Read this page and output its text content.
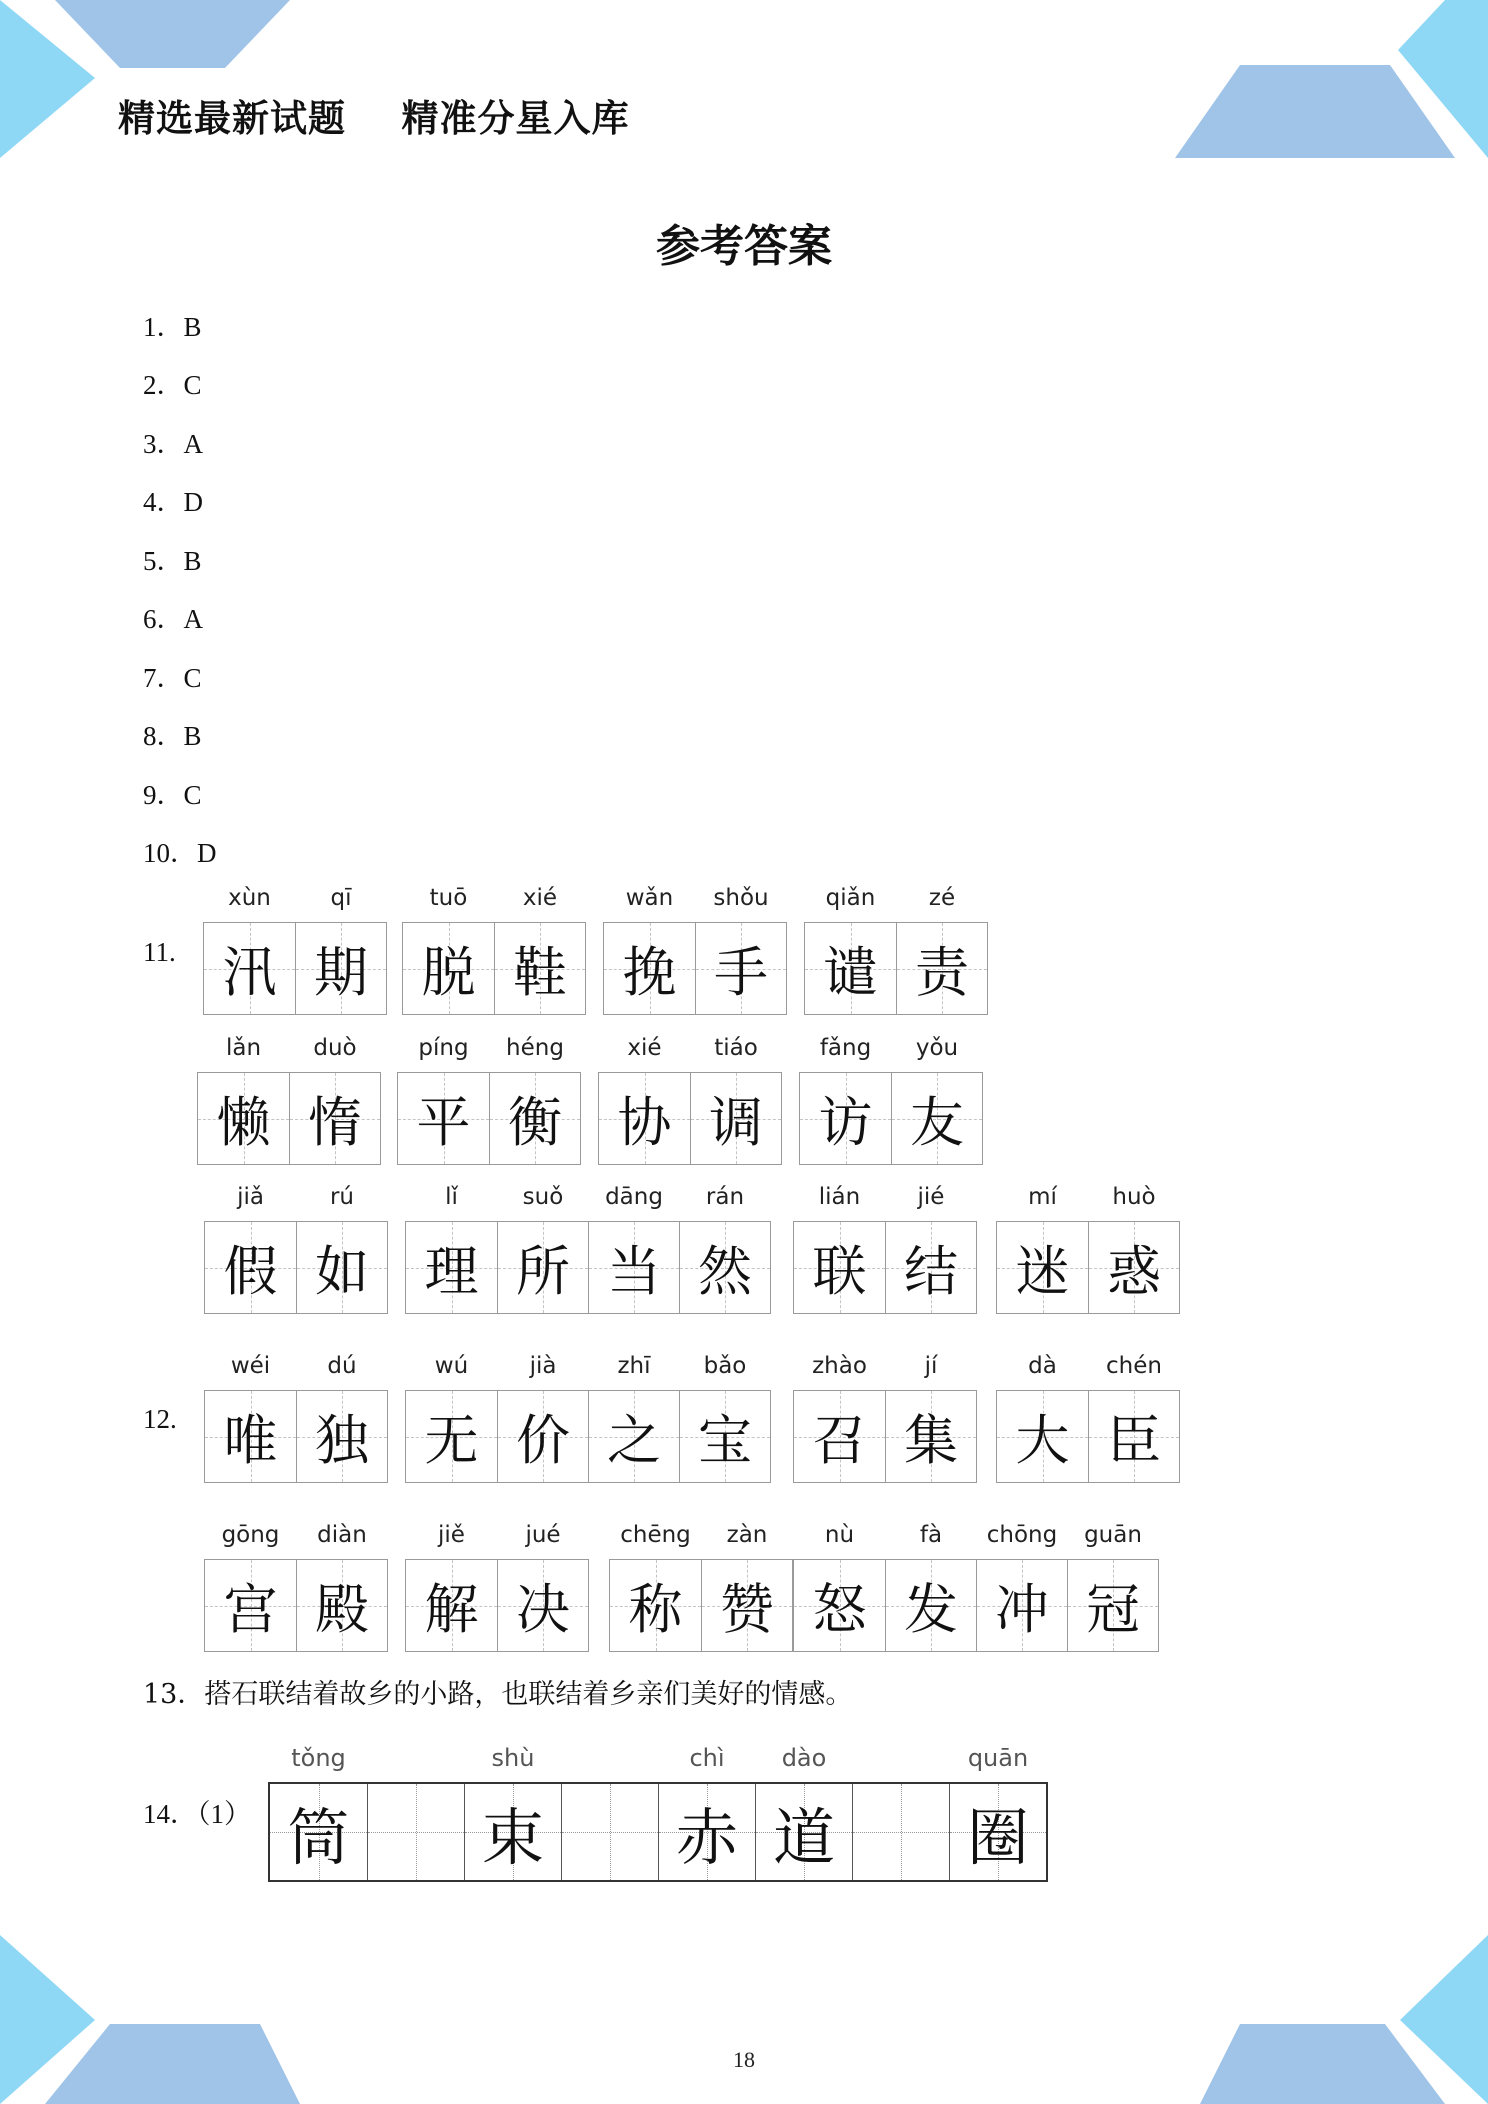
精选最新试题    精准分星入库
参考答案
1．B
2．C
3．A
4．D
5．B
6．A
7．C
8．B
9．C
10．D
11.
12.
xùn
汛
qī
期
tuō
脱
xié
鞋
wǎn
挽
shǒu
手
qiǎn
谴
zé
责
lǎn
懒
duò
惰
píng
平
héng
衡
xié
协
tiáo
调
fǎng
访
yǒu
友
jiǎ
假
rú
如
lǐ
理
suǒ
所
dāng
当
rán
然
lián
联
jié
结
mí
迷
huò
惑
wéi
唯
dú
独
wú
无
jià
价
zhī
之
bǎo
宝
zhào
召
jí
集
dà
大
chén
臣
gōng
宫
diàn
殿
jiě
解
jué
决
chēng
称
zàn
赞
nù
怒
fà
发
chōng
冲
guān
冠
13．搭石联结着故乡的小路，也联结着乡亲们美好的情感。
14．（1）
tǒng
筒
shù
束
chì
赤
dào
道
quān
圈
18
